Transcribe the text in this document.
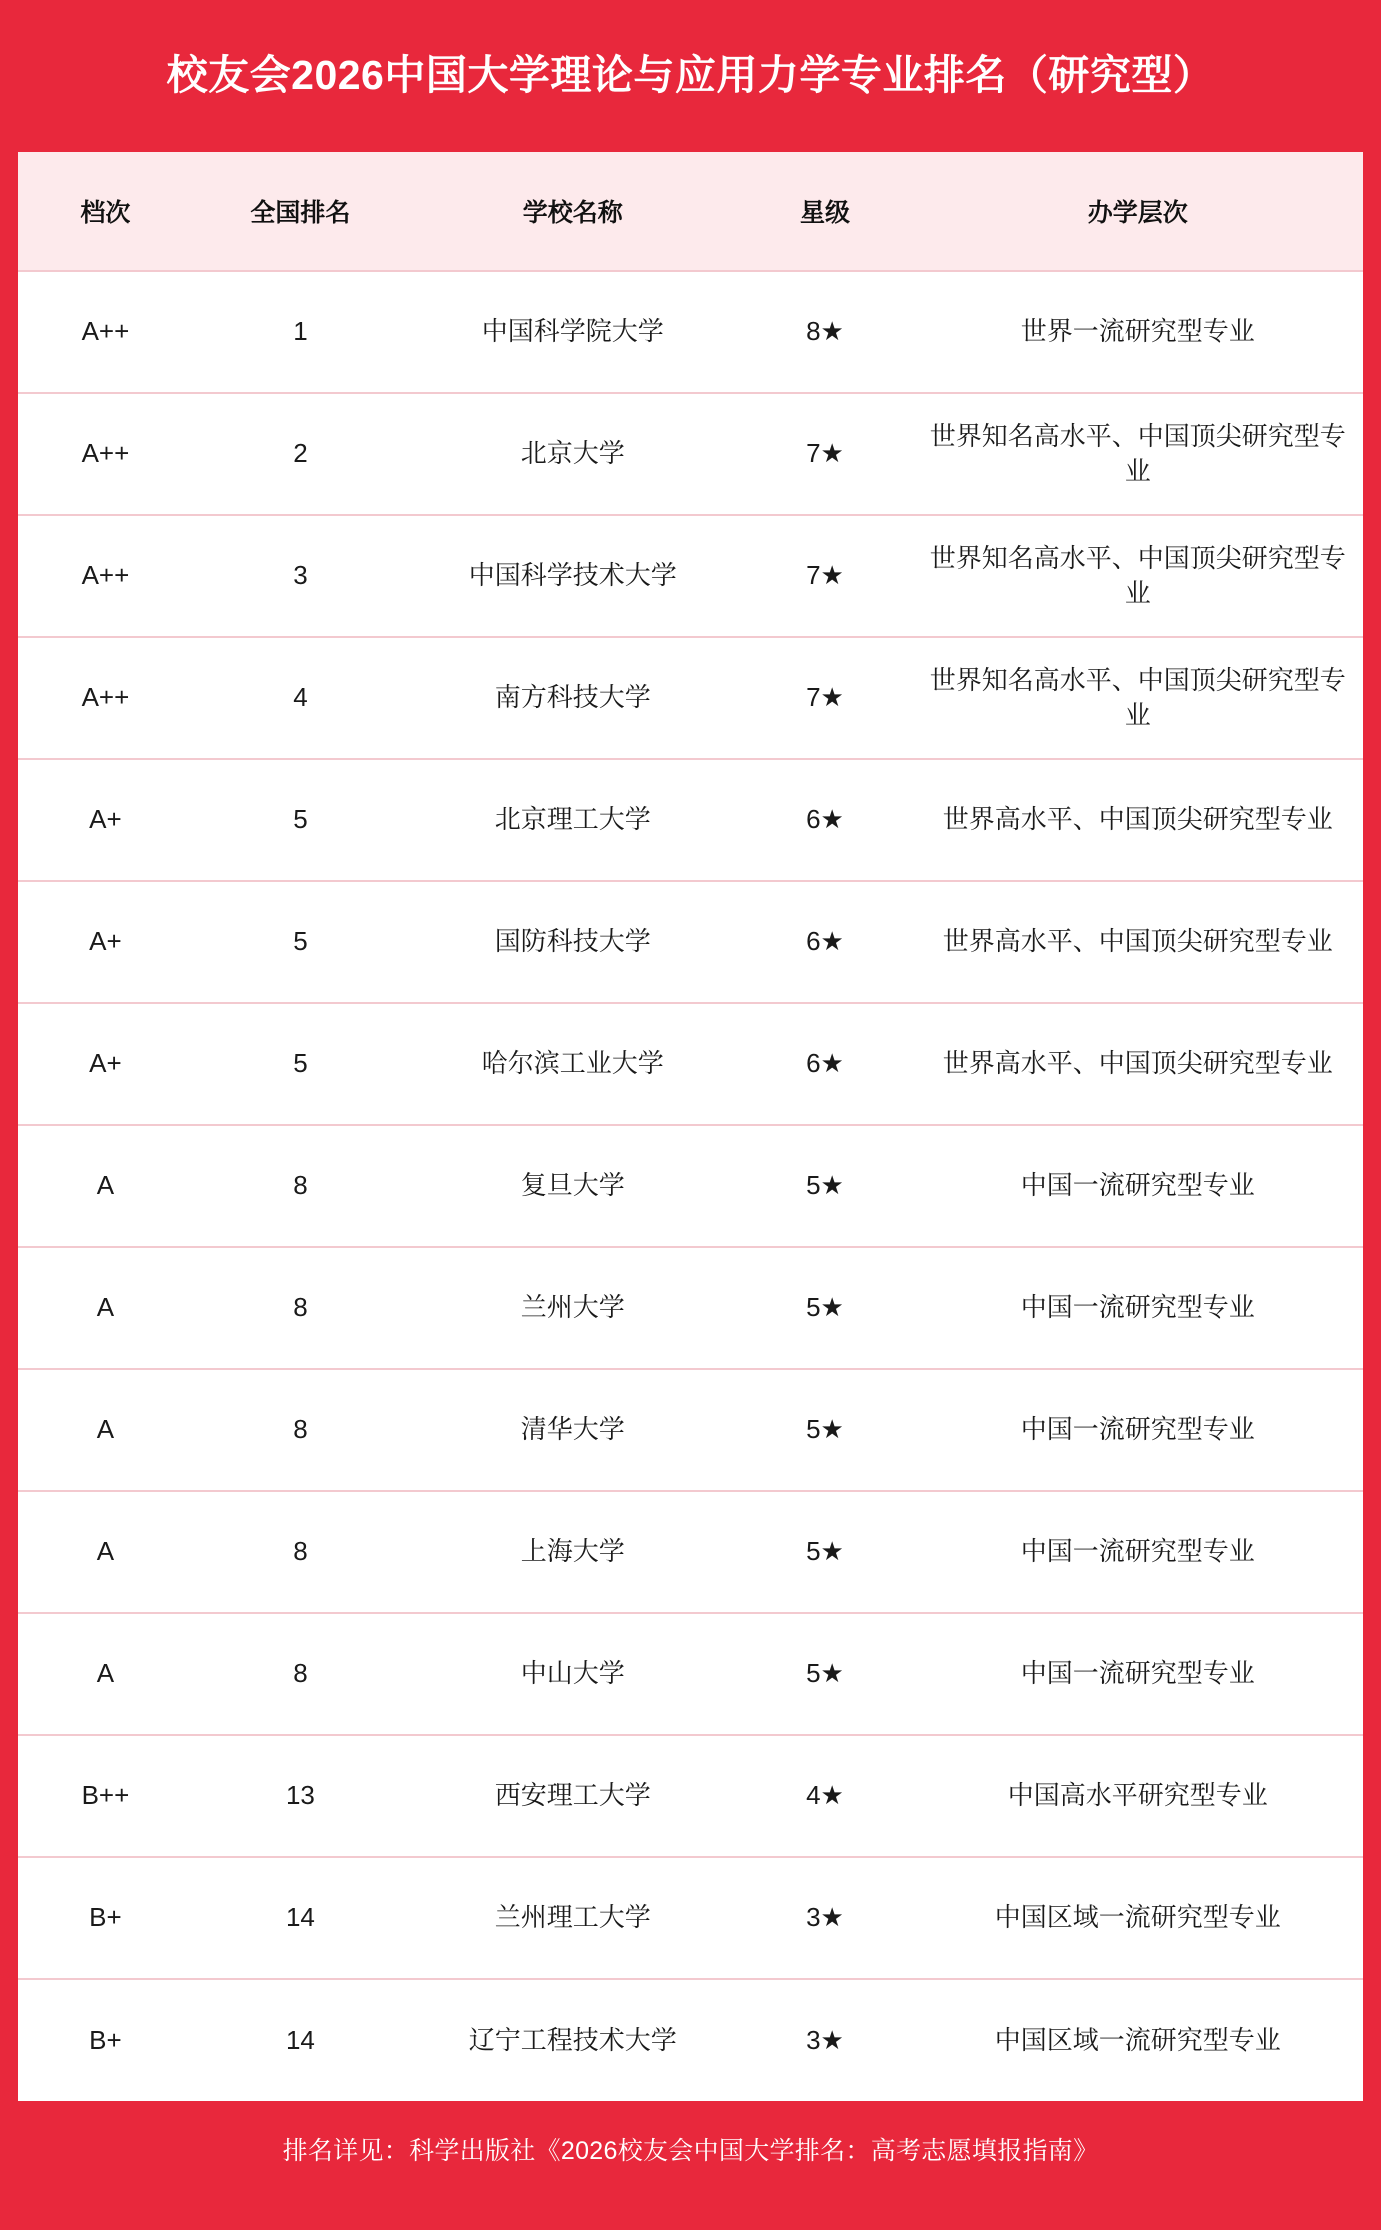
校友会2026中国大学理论与应用力学专业排名（研究型）
档次	全国排名	学校名称	星级	办学层次
A++	1	中国科学院大学	8★	世界一流研究型专业
A++	2	北京大学	7★	世界知名高水平、中国顶尖研究型专业
A++	3	中国科学技术大学	7★	世界知名高水平、中国顶尖研究型专业
A++	4	南方科技大学	7★	世界知名高水平、中国顶尖研究型专业
A+	5	北京理工大学	6★	世界高水平、中国顶尖研究型专业
A+	5	国防科技大学	6★	世界高水平、中国顶尖研究型专业
A+	5	哈尔滨工业大学	6★	世界高水平、中国顶尖研究型专业
A	8	复旦大学	5★	中国一流研究型专业
A	8	兰州大学	5★	中国一流研究型专业
A	8	清华大学	5★	中国一流研究型专业
A	8	上海大学	5★	中国一流研究型专业
A	8	中山大学	5★	中国一流研究型专业
B++	13	西安理工大学	4★	中国高水平研究型专业
B+	14	兰州理工大学	3★	中国区域一流研究型专业
B+	14	辽宁工程技术大学	3★	中国区域一流研究型专业
排名详见：科学出版社《2026校友会中国大学排名：高考志愿填报指南》
